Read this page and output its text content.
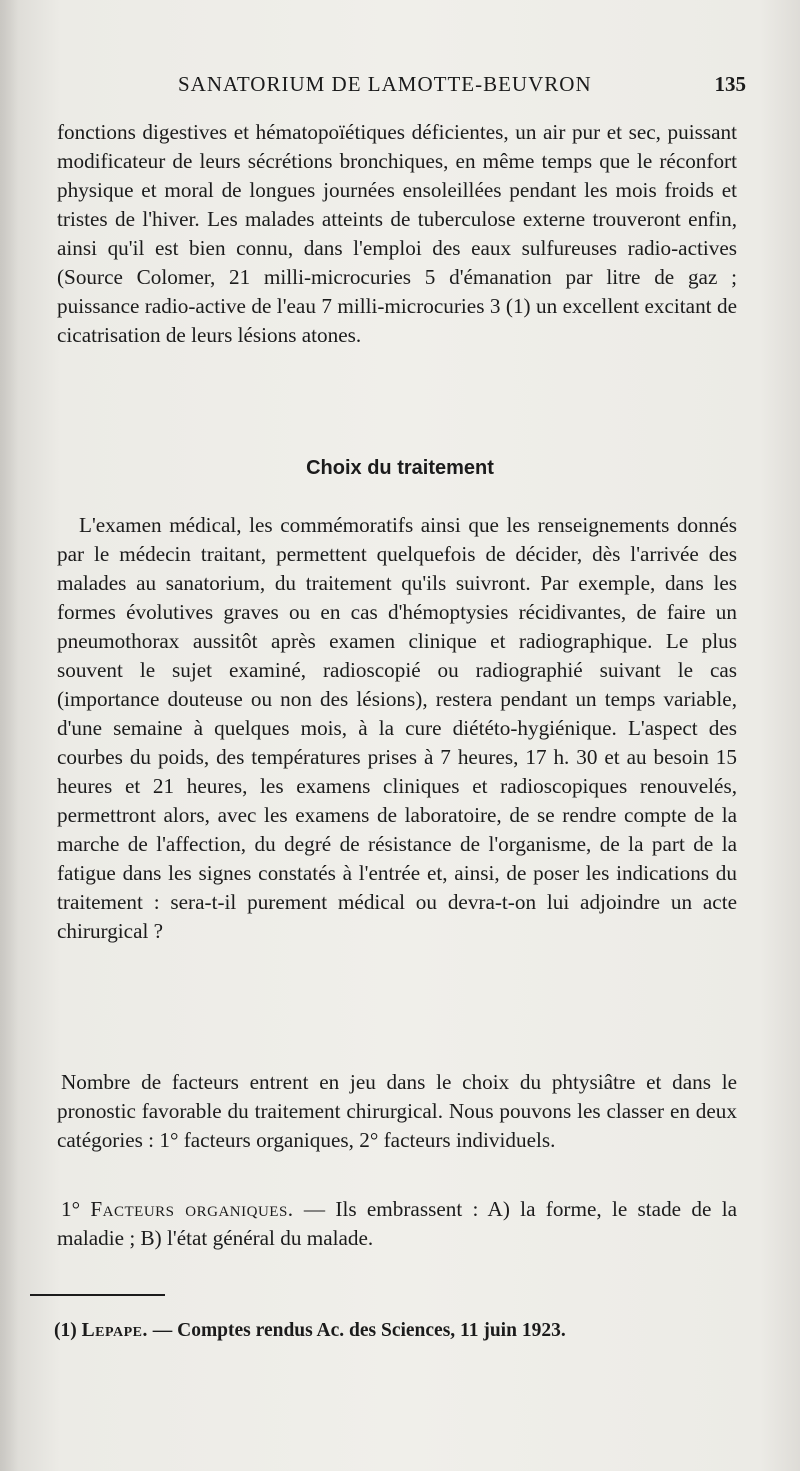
SANATORIUM DE LAMOTTE-BEUVRON	135
fonctions digestives et hématopoïétiques déficientes, un air pur et sec, puissant modificateur de leurs sécrétions bronchiques, en même temps que le réconfort physique et moral de longues journées ensoleillées pendant les mois froids et tristes de l'hiver. Les malades atteints de tuberculose externe trouveront enfin, ainsi qu'il est bien connu, dans l'emploi des eaux sulfureuses radio-actives (Source Colomer, 21 milli-microcuries 5 d'émanation par litre de gaz ; puissance radio-active de l'eau 7 milli-microcuries 3 (1) un excellent excitant de cicatrisation de leurs lésions atones.
Choix du traitement
L'examen médical, les commémoratifs ainsi que les renseignements donnés par le médecin traitant, permettent quelquefois de décider, dès l'arrivée des malades au sanatorium, du traitement qu'ils suivront. Par exemple, dans les formes évolutives graves ou en cas d'hémoptysies récidivantes, de faire un pneumothorax aussitôt après examen clinique et radiographique. Le plus souvent le sujet examiné, radioscopié ou radiographié suivant le cas (importance douteuse ou non des lésions), restera pendant un temps variable, d'une semaine à quelques mois, à la cure diététo-hygiénique. L'aspect des courbes du poids, des températures prises à 7 heures, 17 h. 30 et au besoin 15 heures et 21 heures, les examens cliniques et radioscopiques renouvelés, permettront alors, avec les examens de laboratoire, de se rendre compte de la marche de l'affection, du degré de résistance de l'organisme, de la part de la fatigue dans les signes constatés à l'entrée et, ainsi, de poser les indications du traitement : sera-t-il purement médical ou devra-t-on lui adjoindre un acte chirurgical ?
Nombre de facteurs entrent en jeu dans le choix du phtysiâtre et dans le pronostic favorable du traitement chirurgical. Nous pouvons les classer en deux catégories : 1° facteurs organiques, 2° facteurs individuels.
1° Facteurs organiques. — Ils embrassent : A) la forme, le stade de la maladie ; B) l'état général du malade.
(1) Lepape. — Comptes rendus Ac. des Sciences, 11 juin 1923.
